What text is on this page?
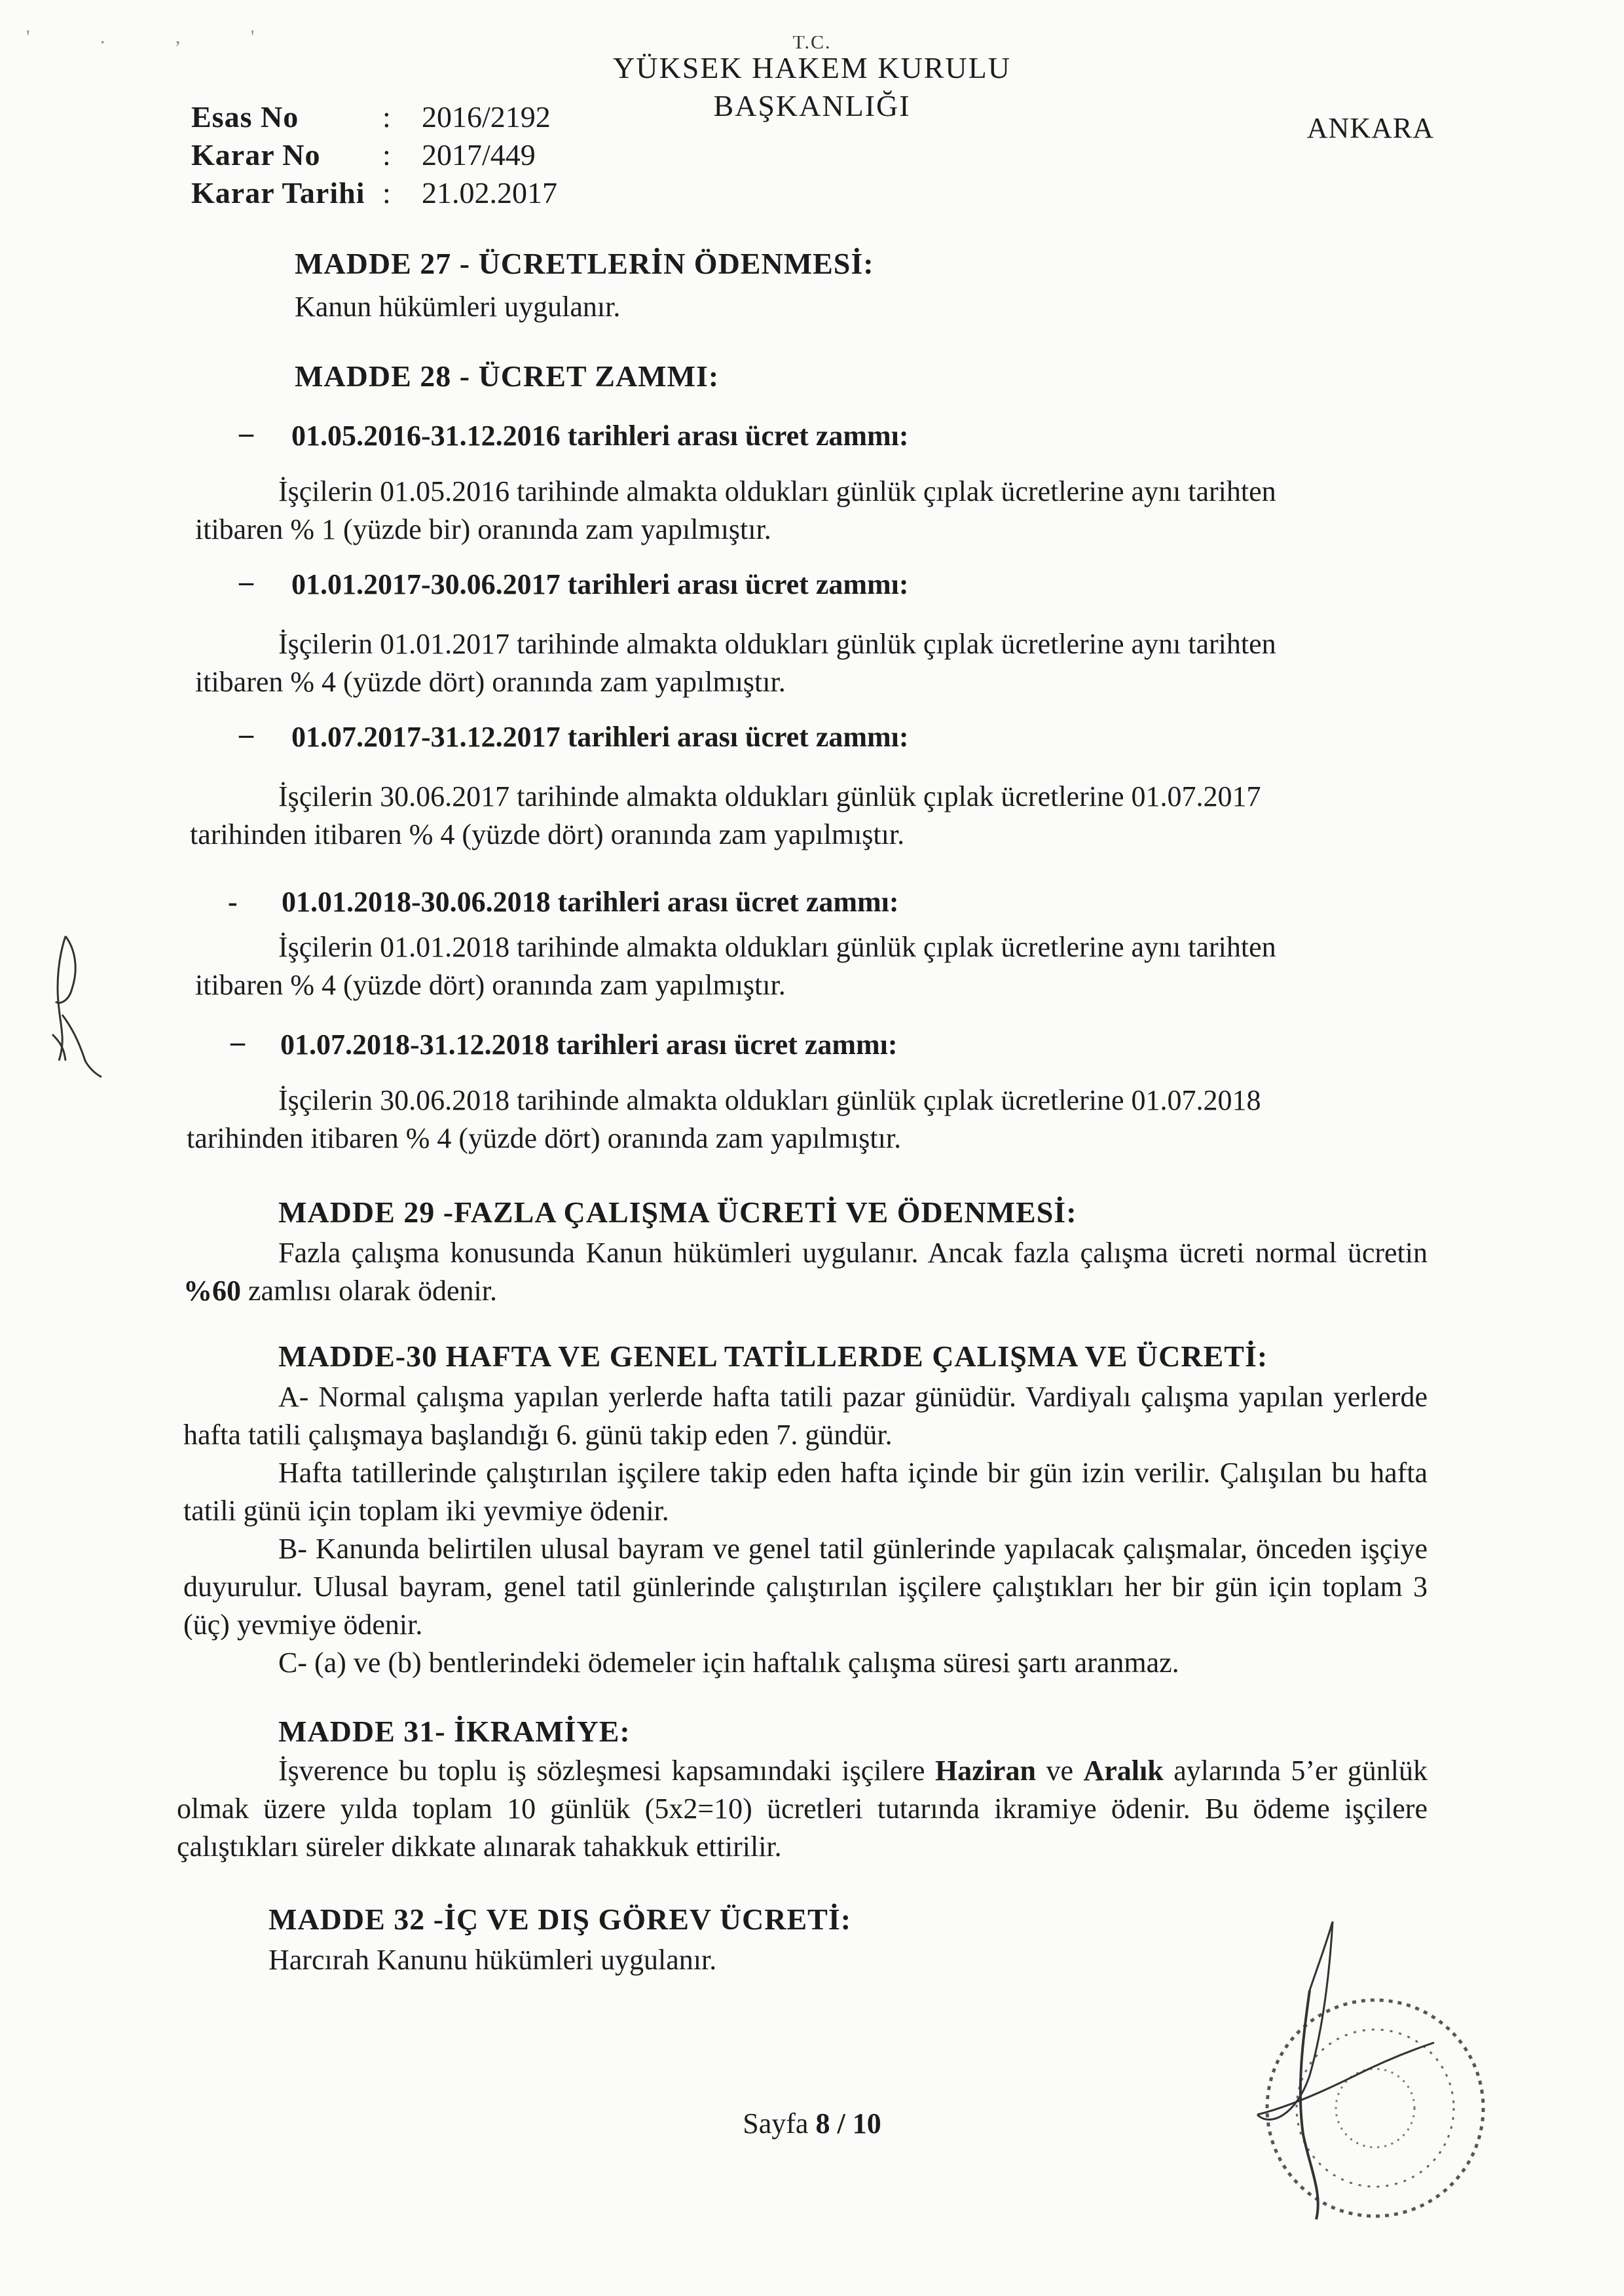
' . , '	T.C.
YÜKSEK HAKEM KURULU
BAŞKANLIĞI
ANKARA
Esas No	:	2016/2192
Karar No	:	2017/449
Karar Tarihi :	21.02.2017
MADDE 27 - ÜCRETLERİN ÖDENMESİ:
Kanun hükümleri uygulanır.
MADDE 28 - ÜCRET ZAMMI:
– 01.05.2016-31.12.2016 tarihleri arası ücret zammı:
İşçilerin 01.05.2016 tarihinde almakta oldukları günlük çıplak ücretlerine aynı tarihten
itibaren % 1 (yüzde bir) oranında zam yapılmıştır.
– 01.01.2017-30.06.2017 tarihleri arası ücret zammı:
İşçilerin 01.01.2017 tarihinde almakta oldukları günlük çıplak ücretlerine aynı tarihten
itibaren % 4 (yüzde dört) oranında zam yapılmıştır.
– 01.07.2017-31.12.2017 tarihleri arası ücret zammı:
İşçilerin 30.06.2017 tarihinde almakta oldukları günlük çıplak ücretlerine 01.07.2017
tarihinden itibaren % 4 (yüzde dört) oranında zam yapılmıştır.
- 01.01.2018-30.06.2018 tarihleri arası ücret zammı:
İşçilerin 01.01.2018 tarihinde almakta oldukları günlük çıplak ücretlerine aynı tarihten
itibaren % 4 (yüzde dört) oranında zam yapılmıştır.
– 01.07.2018-31.12.2018 tarihleri arası ücret zammı:
İşçilerin 30.06.2018 tarihinde almakta oldukları günlük çıplak ücretlerine 01.07.2018
tarihinden itibaren % 4 (yüzde dört) oranında zam yapılmıştır.
MADDE 29 -FAZLA ÇALIŞMA ÜCRETİ VE ÖDENMESİ:
Fazla çalışma konusunda Kanun hükümleri uygulanır. Ancak fazla çalışma ücreti normal ücretin %60 zamlısı olarak ödenir.
MADDE-30 HAFTA VE GENEL TATİLLERDE ÇALIŞMA VE ÜCRETİ:
A- Normal çalışma yapılan yerlerde hafta tatili pazar günüdür. Vardiyalı çalışma yapılan yerlerde hafta tatili çalışmaya başlandığı 6. günü takip eden 7. gündür.
Hafta tatillerinde çalıştırılan işçilere takip eden hafta içinde bir gün izin verilir. Çalışılan bu hafta tatili günü için toplam iki yevmiye ödenir.
B- Kanunda belirtilen ulusal bayram ve genel tatil günlerinde yapılacak çalışmalar, önceden işçiye duyurulur. Ulusal bayram, genel tatil günlerinde çalıştırılan işçilere çalıştıkları her bir gün için toplam 3 (üç) yevmiye ödenir.
C- (a) ve (b) bentlerindeki ödemeler için haftalık çalışma süresi şartı aranmaz.
MADDE 31- İKRAMİYE:
İşverence bu toplu iş sözleşmesi kapsamındaki işçilere Haziran ve Aralık aylarında 5’er günlük olmak üzere yılda toplam 10 günlük (5x2=10) ücretleri tutarında ikramiye ödenir. Bu ödeme işçilere çalıştıkları süreler dikkate alınarak tahakkuk ettirilir.
MADDE 32 -İÇ VE DIŞ GÖREV ÜCRETİ:
Harcırah Kanunu hükümleri uygulanır.
Sayfa 8 / 10
